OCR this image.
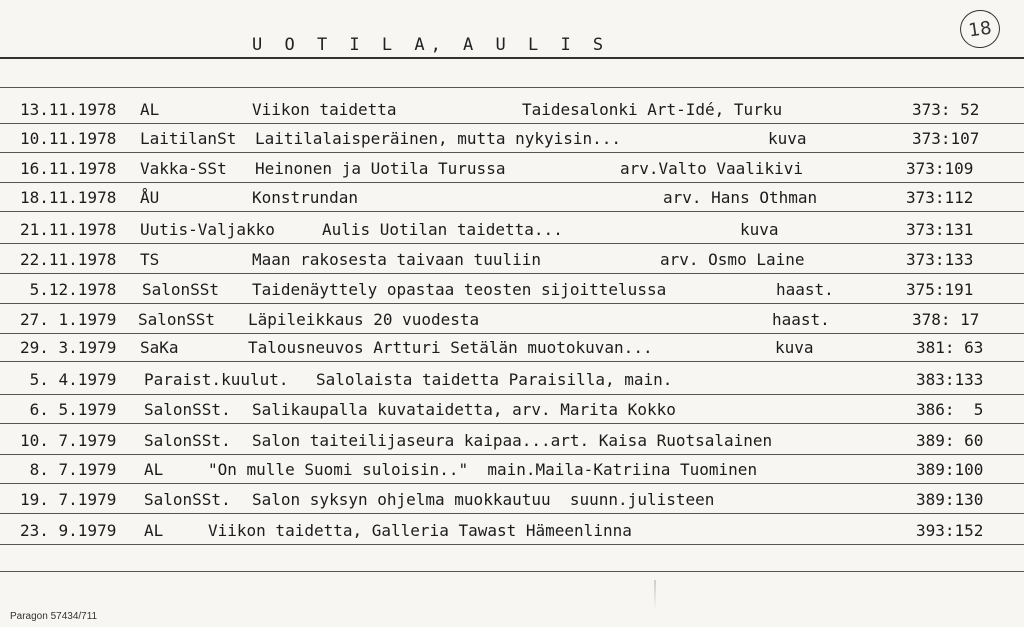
U O T I L A, A U L I S
18
13.11.1978 AL	Viikon taidetta	Taidesalonki Art-Idé, Turku	373: 52
10.11.1978 LaitilanSt Laitilalaisperäinen, mutta nykyisin...	kuva	373:107
16.11.1978 Vakka-SSt Heinonen ja Uotila Turussa	arv.Valto Vaalikivi	373:109
18.11.1978 ÅU	Konstrundan	arv. Hans Othman	373:112
21.11.1978 Uutis-Valjakko	Aulis Uotilan taidetta...	kuva	373:131
22.11.1978 TS	Maan rakosesta taivaan tuuliin	arv. Osmo Laine	373:133
5.12.1978 SalonSSt Taidenäyttely opastaa teosten sijoittelussa	haast.	375:191
27. 1.1979 SalonSSt Läpileikkaus 20 vuodesta	haast.	378: 17
29. 3.1979 SaKa	Talousneuvos Artturi Setälän muotokuvan...	kuva	381: 63
5. 4.1979 Paraist.kuulut. Salolaista taidetta Paraisilla, main.	383:133
6. 5.1979 SalonSSt. Salikaupalla kuvataidetta, arv. Marita Kokko	386:  5
10. 7.1979 SalonSSt. Salon taiteilijaseura kaipaa...art. Kaisa Ruotsalainen	389: 60
8. 7.1979 AL	"On mulle Suomi suloisin.."  main.Maila-Katriina Tuominen	389:100
19. 7.1979 SalonSSt. Salon syksyn ohjelma muokkautuu  suunn.julisteen	389:130
23. 9.1979 AL	Viikon taidetta, Galleria Tawast Hämeenlinna	393:152
Paragon 57434/711
